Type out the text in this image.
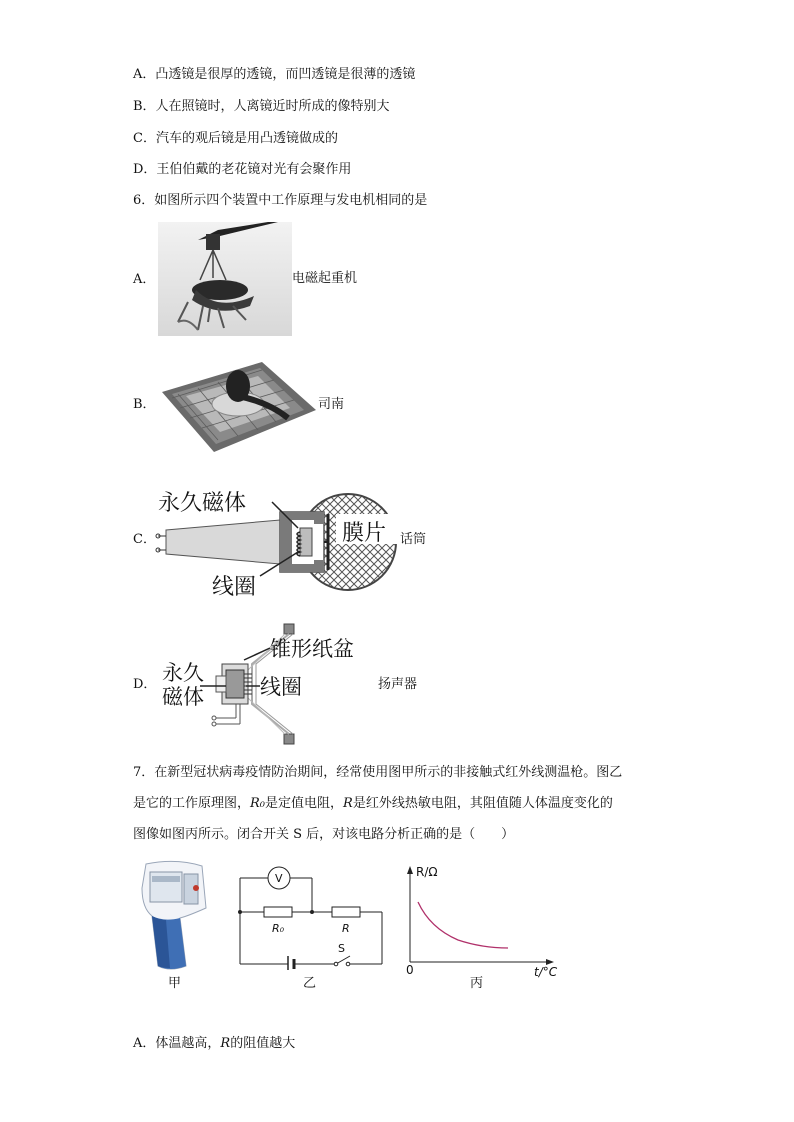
A．凸透镜是很厚的透镜，而凹透镜是很薄的透镜
B．人在照镜时，人离镜近时所成的像特别大
C．汽车的观后镜是用凸透镜做成的
D．王伯伯戴的老花镜对光有会聚作用
6．如图所示四个装置中工作原理与发电机相同的是
A．	电磁起重机
B．	司南
C．
永久磁体
膜片
线圈
话筒
D． 永久
磁体
锥形纸盆
线圈	扬声器
7．在新型冠状病毒疫情防治期间，经常使用图甲所示的非接触式红外线测温枪。图乙
是它的工作原理图，R₀是定值电阻，R是红外线热敏电阻，其阻值随人体温度变化的
图像如图丙所示。闭合开关 S 后，对该电路分析正确的是（　　）
甲
V
R₀	R
S
乙
R/Ω
0	t/°C
丙
A．体温越高，R的阻值越大
